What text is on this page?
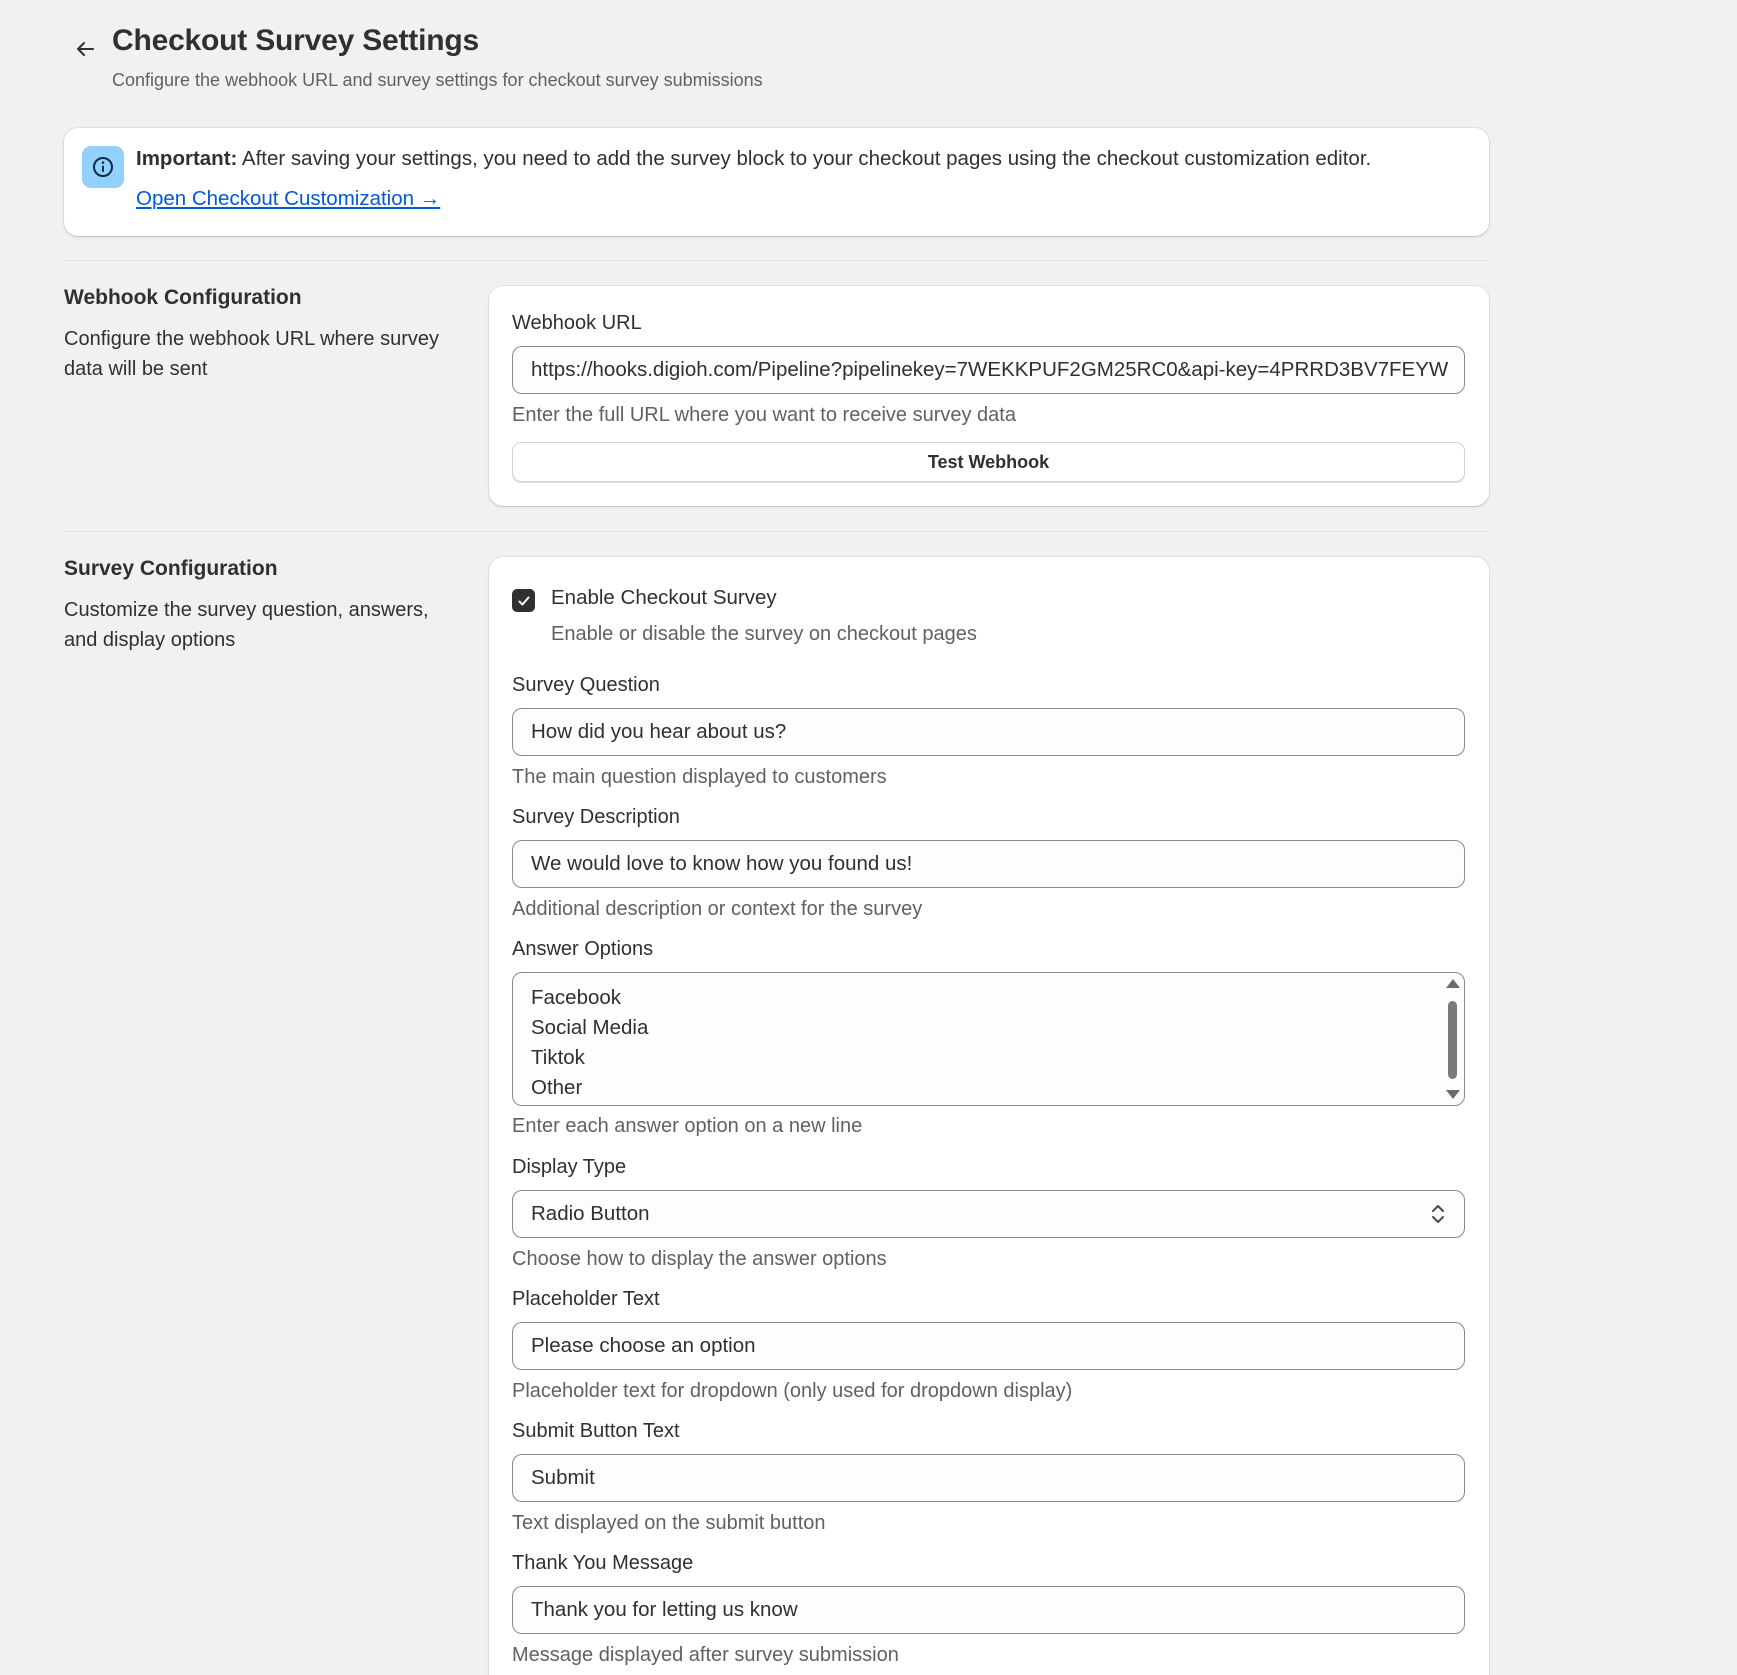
Checkout Survey Settings

Configure the webhook URL and survey settings for checkout survey submissions

Important: After saving your settings, you need to add the survey block to your checkout pages using the checkout customization editor.
Open Checkout Customization →
Webhook Configuration

Configure the webhook URL where survey data will be sent

Webhook URL
https://hooks.digioh.com/Pipeline?pipelinekey=7WEKKPUF2GM25RC0&api-key=4PRRD3BV7FEYW
Enter the full URL where you want to receive survey data
Test Webhook
Survey Configuration

Customize the survey question, answers, and display options

Enable Checkout Survey
Enable or disable the survey on checkout pages
Survey Question
How did you hear about us?
The main question displayed to customers
Survey Description
We would love to know how you found us!
Additional description or context for the survey
Answer Options
Facebook
Social Media
Tiktok
Other
Enter each answer option on a new line
Display Type
Radio Button
Choose how to display the answer options
Placeholder Text
Please choose an option
Placeholder text for dropdown (only used for dropdown display)
Submit Button Text
Submit
Text displayed on the submit button
Thank You Message
Thank you for letting us know
Message displayed after survey submission
